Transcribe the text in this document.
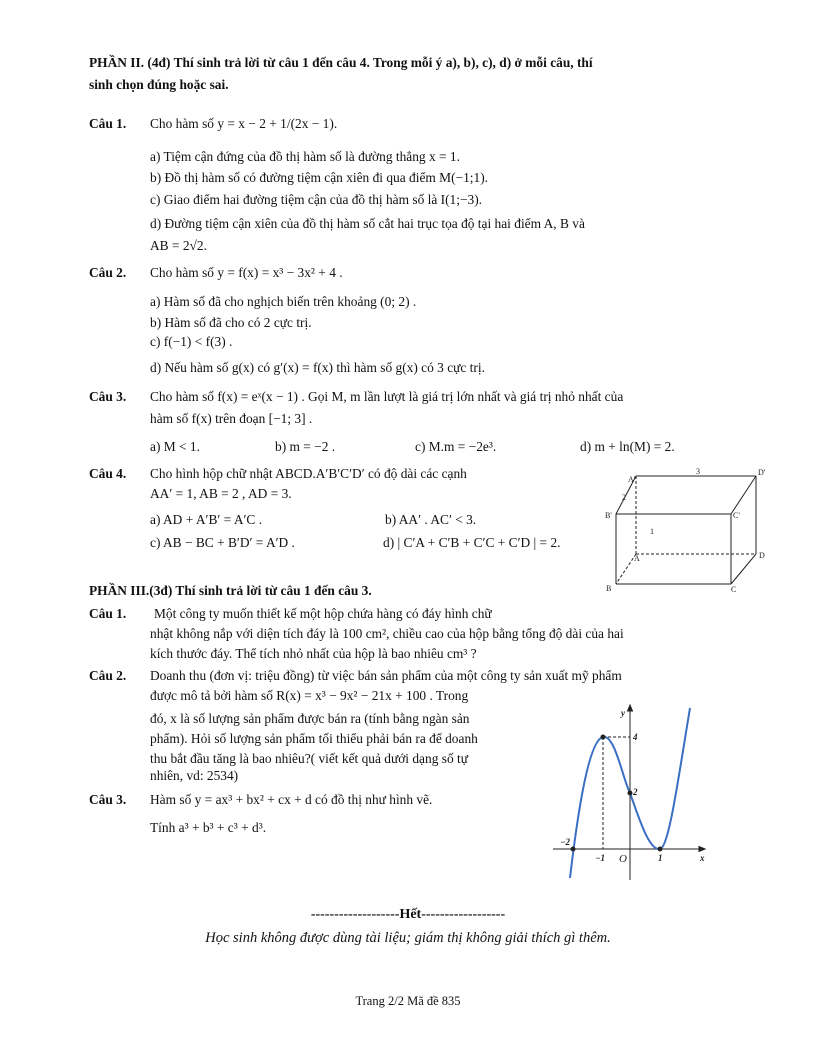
PHẦN II. (4đ) Thí sinh trả lời từ câu 1 đến câu 4. Trong mỗi ý a), b), c), d) ở mỗi câu, thí
sinh chọn đúng hoặc sai.
Câu 1. Cho hàm số y = x − 2 + 1/(2x − 1).
a) Tiệm cận đứng của đồ thị hàm số là đường thẳng x = 1.
b) Đồ thị hàm số có đường tiệm cận xiên đi qua điểm M(−1;1).
c) Giao điểm hai đường tiệm cận của đồ thị hàm số là I(1;−3).
d) Đường tiệm cận xiên của đồ thị hàm số cắt hai trục tọa độ tại hai điểm A, B và
AB = 2√2.
Câu 2. Cho hàm số y = f(x) = x³ − 3x² + 4 .
a) Hàm số đã cho nghịch biến trên khoảng (0; 2) .
b) Hàm số đã cho có 2 cực trị.
c) f(−1) < f(3) .
d) Nếu hàm số g(x) có g′(x) = f(x) thì hàm số g(x) có 3 cực trị.
Câu 3. Cho hàm số f(x) = eˣ(x − 1) . Gọi M, m lần lượt là giá trị lớn nhất và giá trị nhỏ nhất của
hàm số f(x) trên đoạn [−1; 3] .
a) M < 1.	b) m = −2 .	c) M.m = −2e³.	d) m + ln(M) = 2.
Câu 4. Cho hình hộp chữ nhật ABCD.A′B′C′D′ có độ dài các cạnh
AA′ = 1, AB = 2 , AD = 3.
a) AD + A′B′ = A′C .	b) AA′ . AC′ < 3.
c) AB − BC + B′D′ = A′D .	d) | C′A + C′B + C′C + C′D | = 2.
3	D'
A'
2
B'	C'
1
A	D
B	C
PHẦN III.(3đ) Thí sinh trả lời từ câu 1 đến câu 3.
Câu 1. Một công ty muốn thiết kế một hộp chứa hàng có đáy hình chữ
nhật không nắp với diện tích đáy là 100 cm², chiều cao của hộp bằng tổng độ dài của hai
kích thước đáy. Thể tích nhỏ nhất của hộp là bao nhiêu cm³ ?
Câu 2. Doanh thu (đơn vị: triệu đồng) từ việc bán sản phẩm của một công ty sản xuất mỹ phẩm
được mô tả bởi hàm số R(x) = x³ − 9x² − 21x + 100 . Trong
đó, x là số lượng sản phẩm được bán ra (tính bằng ngàn sản
phẩm). Hỏi số lượng sản phẩm tối thiểu phải bán ra để doanh
thu bắt đầu tăng là bao nhiêu?( viết kết quả dưới dạng số tự
nhiên, vd: 2534)
Câu 3. Hàm số y = ax³ + bx² + cx + d có đồ thị như hình vẽ.
Tính a³ + b³ + c³ + d³.
y
x
O
4
2
−2
−1	1
-------------------Hết------------------
Học sinh không được dùng tài liệu; giám thị không giải thích gì thêm.
Trang 2/2 Mã đề 835
